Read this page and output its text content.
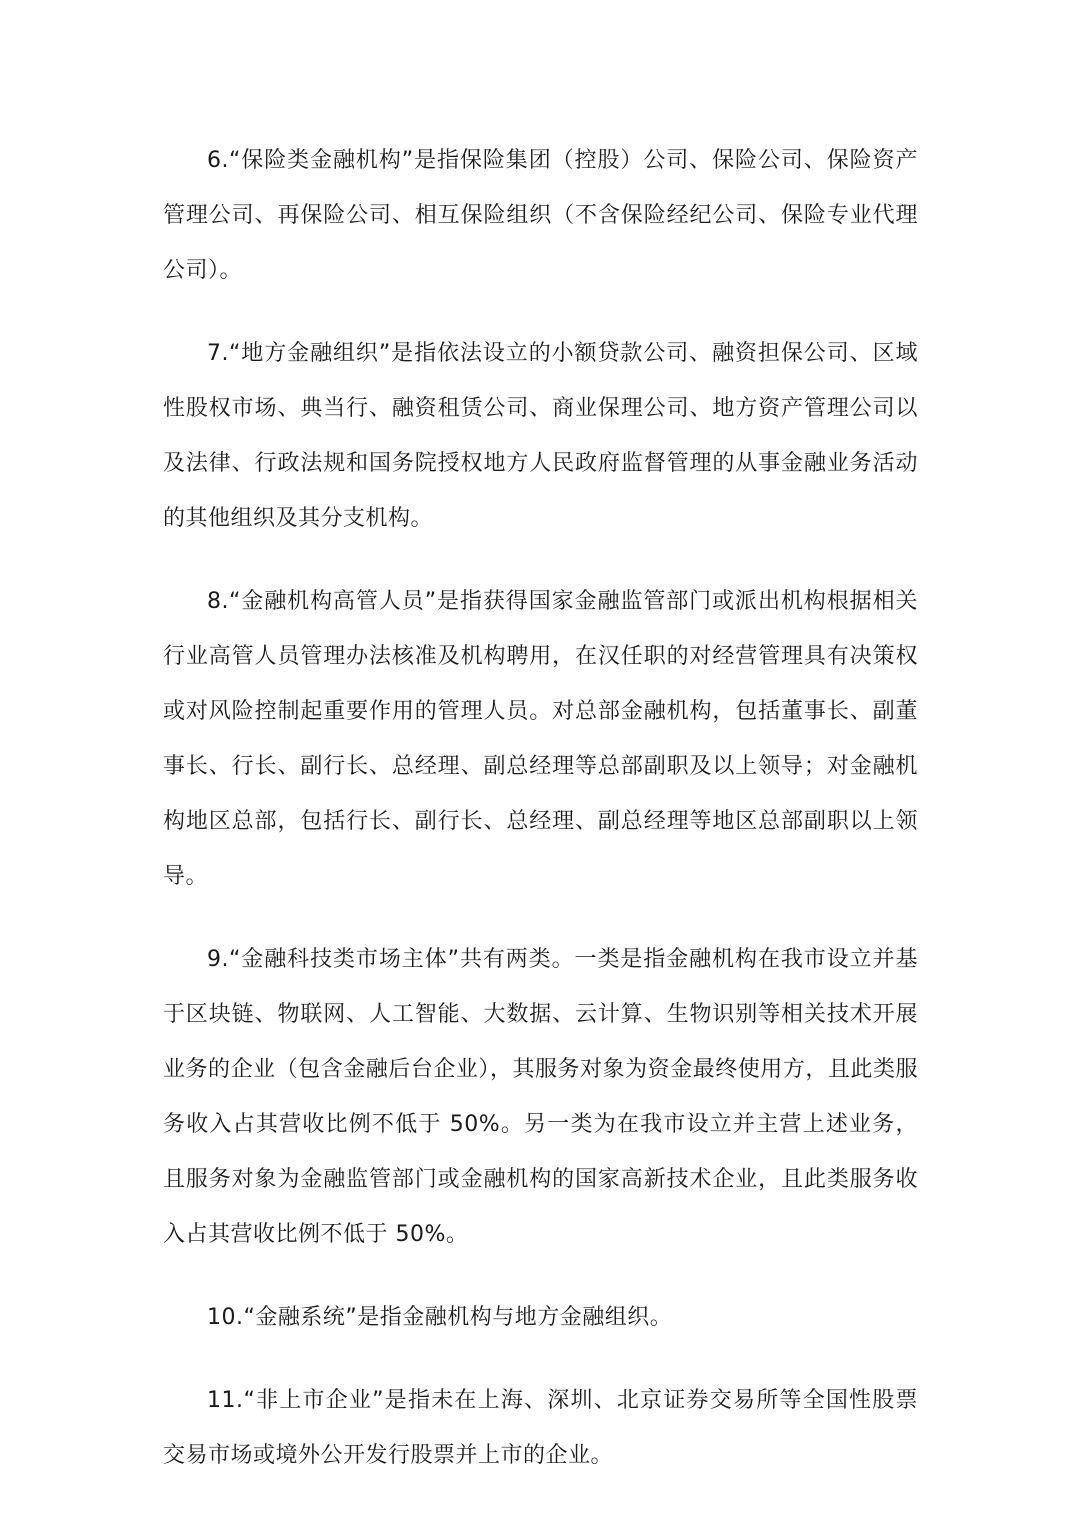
6.“保险类金融机构”是指保险集团（控股）公司、保险公司、保险资产管理公司、再保险公司、相互保险组织（不含保险经纪公司、保险专业代理公司）。

7.“地方金融组织”是指依法设立的小额贷款公司、融资担保公司、区域性股权市场、典当行、融资租赁公司、商业保理公司、地方资产管理公司以及法律、行政法规和国务院授权地方人民政府监督管理的从事金融业务活动的其他组织及其分支机构。

8.“金融机构高管人员”是指获得国家金融监管部门或派出机构根据相关行业高管人员管理办法核准及机构聘用，在汉任职的对经营管理具有决策权或对风险控制起重要作用的管理人员。对总部金融机构，包括董事长、副董事长、行长、副行长、总经理、副总经理等总部副职及以上领导；对金融机构地区总部，包括行长、副行长、总经理、副总经理等地区总部副职以上领导。

9.“金融科技类市场主体”共有两类。一类是指金融机构在我市设立并基于区块链、物联网、人工智能、大数据、云计算、生物识别等相关技术开展业务的企业（包含金融后台企业），其服务对象为资金最终使用方，且此类服务收入占其营收比例不低于 50%。另一类为在我市设立并主营上述业务，且服务对象为金融监管部门或金融机构的国家高新技术企业，且此类服务收入占其营收比例不低于 50%。

10.“金融系统”是指金融机构与地方金融组织。

11.“非上市企业”是指未在上海、深圳、北京证券交易所等全国性股票交易市场或境外公开发行股票并上市的企业。
